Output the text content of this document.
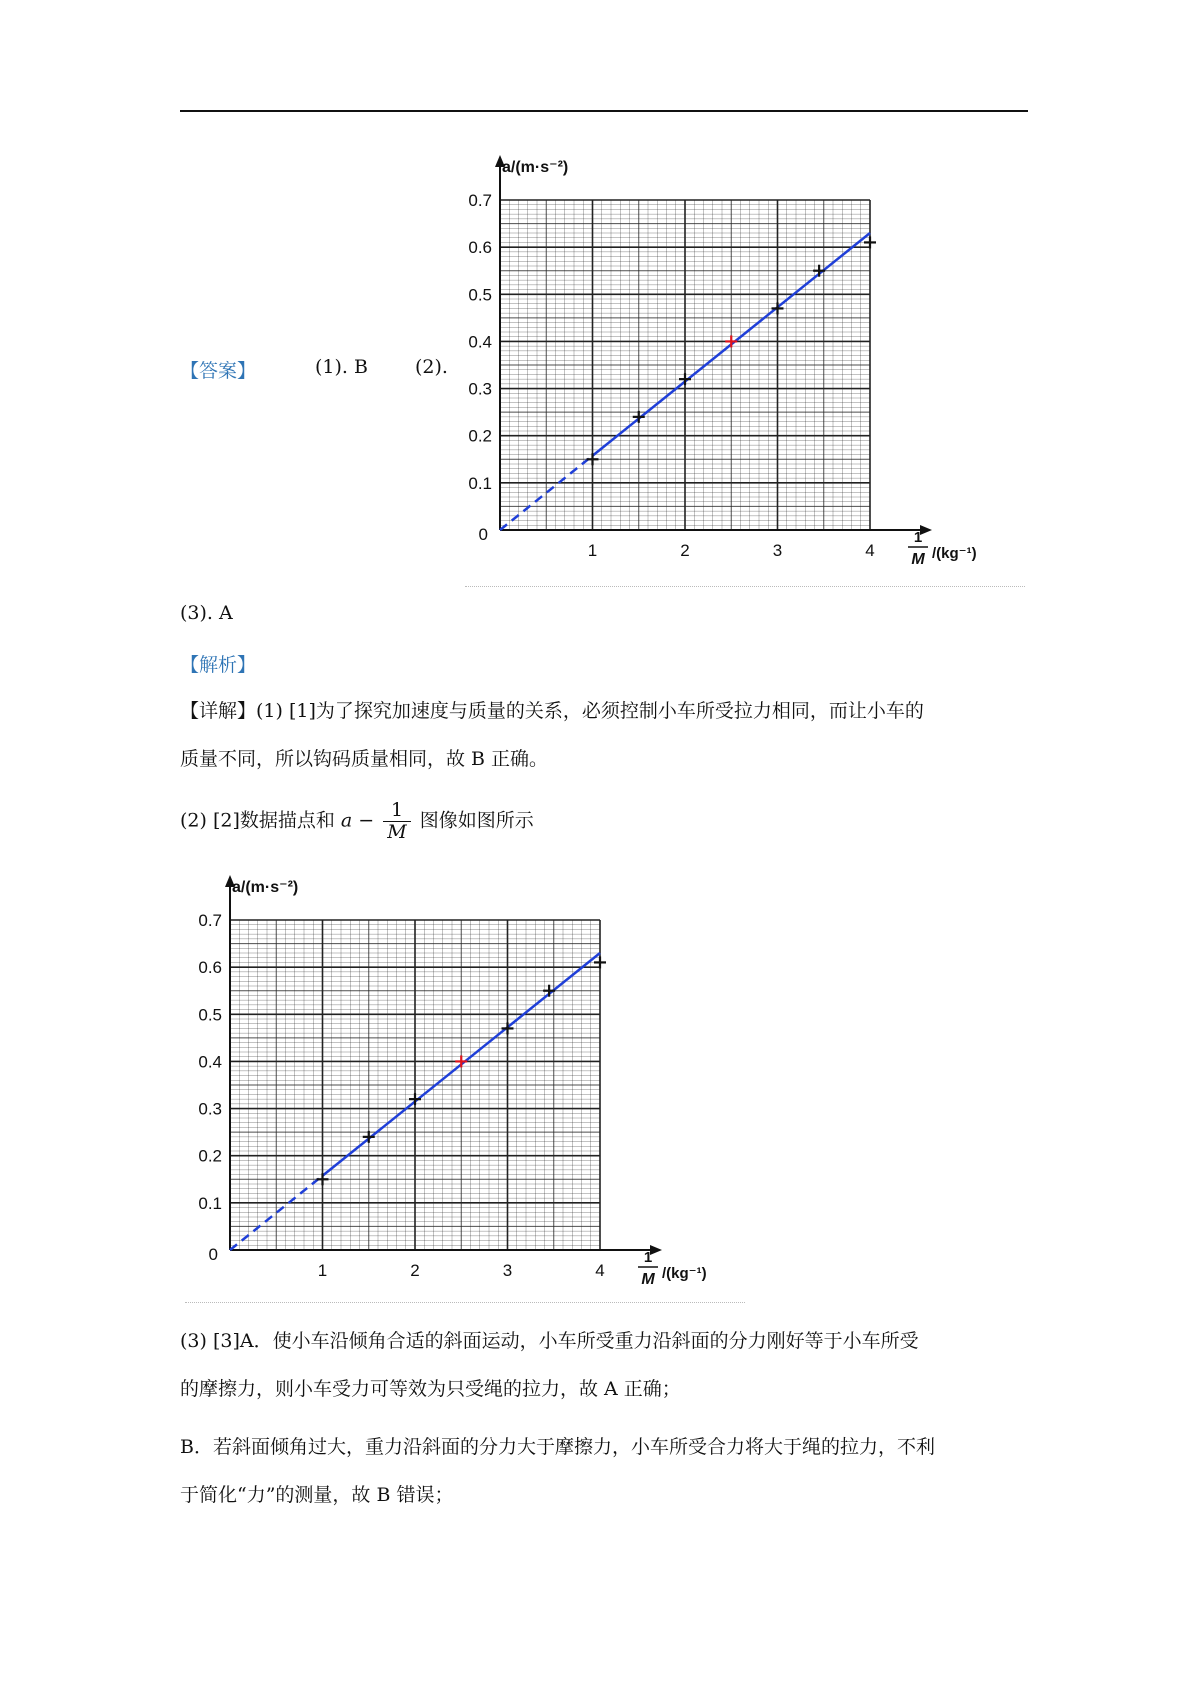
【答案】	(1). B (2).
0.1
0.2
0.3
0.4
0.5
0.6
0.7
0
1	2	3	4
a/(m·s⁻²)
1
M /(kg⁻¹)
(3). A
【解析】
【详解】(1) [1]为了探究加速度与质量的关系，必须控制小车所受拉力相同，而让小车的
质量不同，所以钩码质量相同，故 B 正确。
(2) [2]数据描点和 $a - \frac{1}{M}$ 图像如图所示
0.1
0.2
0.3
0.4
0.5
0.6
0.7
0
1	2	3	4
a/(m·s⁻²)
1
M /(kg⁻¹)
(3) [3]A．使小车沿倾角合适的斜面运动，小车所受重力沿斜面的分力刚好等于小车所受
的摩擦力，则小车受力可等效为只受绳的拉力，故 A 正确；
B．若斜面倾角过大，重力沿斜面的分力大于摩擦力，小车所受合力将大于绳的拉力，不利
于简化“力”的测量，故 B 错误；
